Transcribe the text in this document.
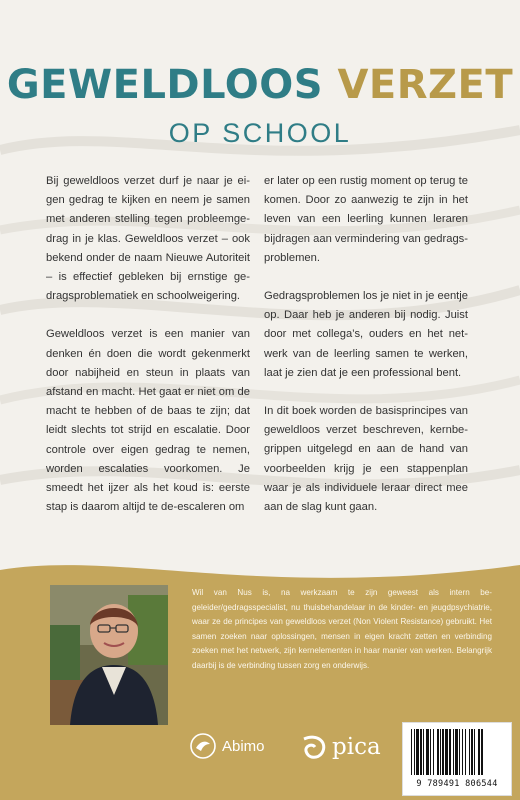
GEWELDLOOS VERZET
OP SCHOOL

Bij geweldloos verzet durf je naar je eigen gedrag te kijken en neem je samen met anderen stelling tegen probleemgedrag in je klas. Geweldloos verzet – ook bekend onder de naam Nieuwe Autoriteit – is effectief gebleken bij ernstige gedragsproblematiek en schoolweigering.

Geweldloos verzet is een manier van denken én doen die wordt gekenmerkt door nabijheid en steun in plaats van afstand en macht. Het gaat er niet om de macht te hebben of de baas te zijn; dat leidt slechts tot strijd en escalatie. Door controle over eigen gedrag te nemen, worden escalaties voorkomen. Je smeedt het ijzer als het koud is: eerste stap is daarom altijd te de-escaleren om

er later op een rustig moment op terug te komen. Door zo aanwezig te zijn in het leven van een leerling kunnen leraren bijdragen aan vermindering van gedragsproblemen.

Gedragsproblemen los je niet in je eentje op. Daar heb je anderen bij nodig. Juist door met collega’s, ouders en het netwerk van de leerling samen te werken, laat je zien dat je een professional bent.

In dit boek worden de basisprincipes van geweldloos verzet beschreven, kernbegrippen uitgelegd en aan de hand van voorbeelden krijg je een stappenplan waar je als individuele leraar direct mee aan de slag kunt gaan.

Wil van Nus is, na werkzaam te zijn geweest als intern begeleider/gedragsspecialist, nu thuisbehandelaar in de kinder- en jeugdpsychiatrie, waar ze de principes van geweldloos verzet (Non Violent Resistance) gebruikt. Het samen zoeken naar oplossingen, mensen in eigen kracht zetten en verbinding zoeken met het netwerk, zijn kernelementen in haar manier van werken. Belangrijk daarbij is de verbinding tussen zorg en onderwijs.
Abimo	pica
9 789491 806544
